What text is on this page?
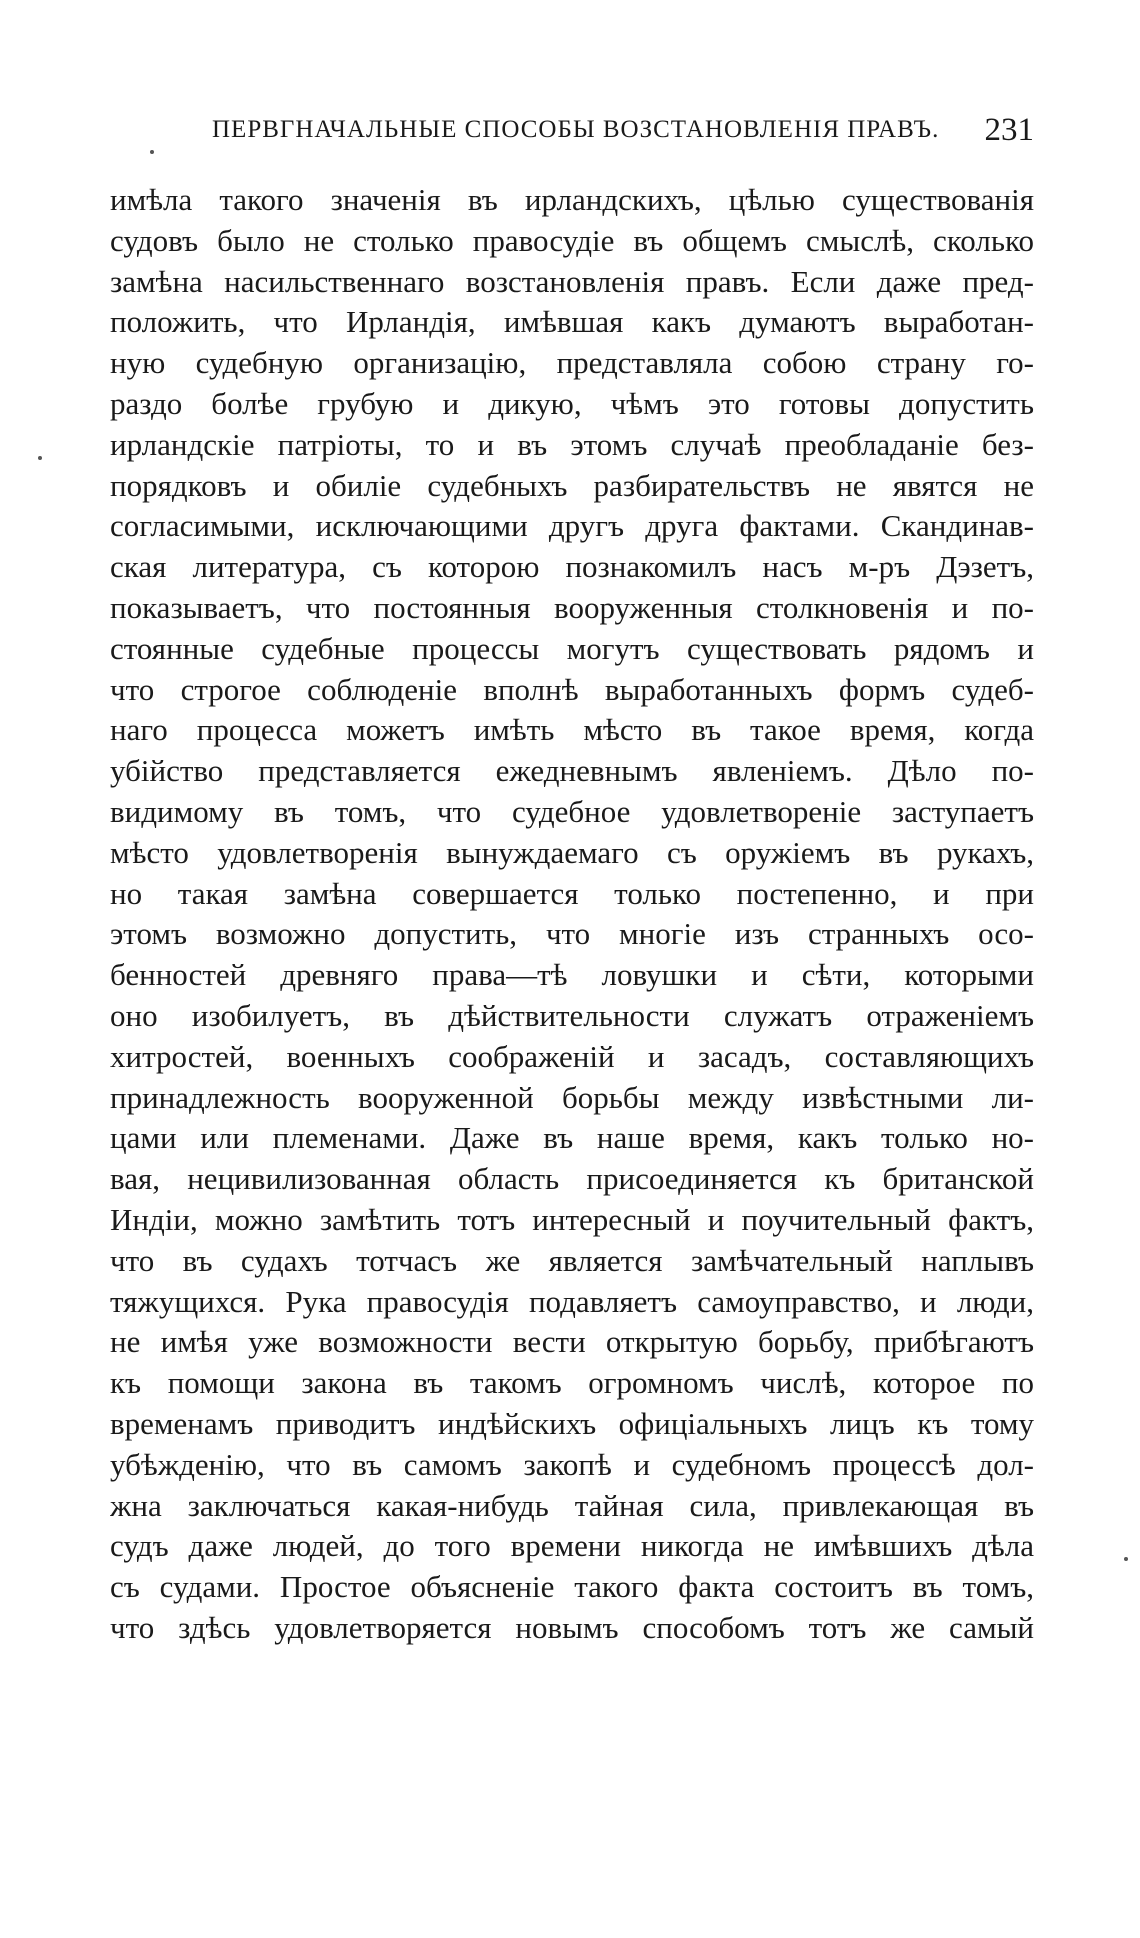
ПЕРВГНАЧАЛЬНЫЕ СПОСОБЫ ВОЗСТАНОВЛЕНІЯ ПРАВЪ. 231
имѣла такого значенія въ ирландскихъ, цѣлью существованія
судовъ было не столько правосудіе въ общемъ смыслѣ, сколько
замѣна насильственнаго возстановленія правъ. Если даже пред-
положить, что Ирландія, имѣвшая какъ думаютъ выработан-
ную судебную организацію, представляла собою страну го-
раздо болѣе грубую и дикую, чѣмъ это готовы допустить
ирландскіе патріоты, то и въ этомъ случаѣ преобладаніе без-
порядковъ и обиліе судебныхъ разбирательствъ не явятся не
согласимыми, исключающими другъ друга фактами. Скандинав-
ская литература, съ которою познакомилъ насъ м-ръ Дэзетъ,
показываетъ, что постоянныя вооруженныя столкновенія и по-
стоянные судебные процессы могутъ существовать рядомъ и
что строгое соблюденіе вполнѣ выработанныхъ формъ судеб-
наго процесса можетъ имѣть мѣсто въ такое время, когда
убійство представляется ежедневнымъ явленіемъ. Дѣло по-
видимому въ томъ, что судебное удовлетвореніе заступаетъ
мѣсто удовлетворенія вынуждаемаго съ оружіемъ въ рукахъ,
но такая замѣна совершается только постепенно, и при
этомъ возможно допустить, что многіе изъ странныхъ осо-
бенностей древняго права—тѣ ловушки и сѣти, которыми
оно изобилуетъ, въ дѣйствительности служатъ отраженіемъ
хитростей, военныхъ соображеній и засадъ, составляющихъ
принадлежность вооруженной борьбы между извѣстными ли-
цами или племенами. Даже въ наше время, какъ только но-
вая, нецивилизованная область присоединяется къ британской
Индіи, можно замѣтить тотъ интересный и поучительный фактъ,
что въ судахъ тотчасъ же является замѣчательный наплывъ
тяжущихся. Рука правосудія подавляетъ самоуправство, и люди,
не имѣя уже возможности вести открытую борьбу, прибѣгаютъ
къ помощи закона въ такомъ огромномъ числѣ, которое по
временамъ приводитъ индѣйскихъ офиціальныхъ лицъ къ тому
убѣжденію, что въ самомъ закопѣ и судебномъ процессѣ дол-
жна заключаться какая-нибудь тайная сила, привлекающая въ
судъ даже людей, до того времени никогда не имѣвшихъ дѣла
съ судами. Простое объясненіе такого факта состоитъ въ томъ,
что здѣсь удовлетворяется новымъ способомъ тотъ же самый
